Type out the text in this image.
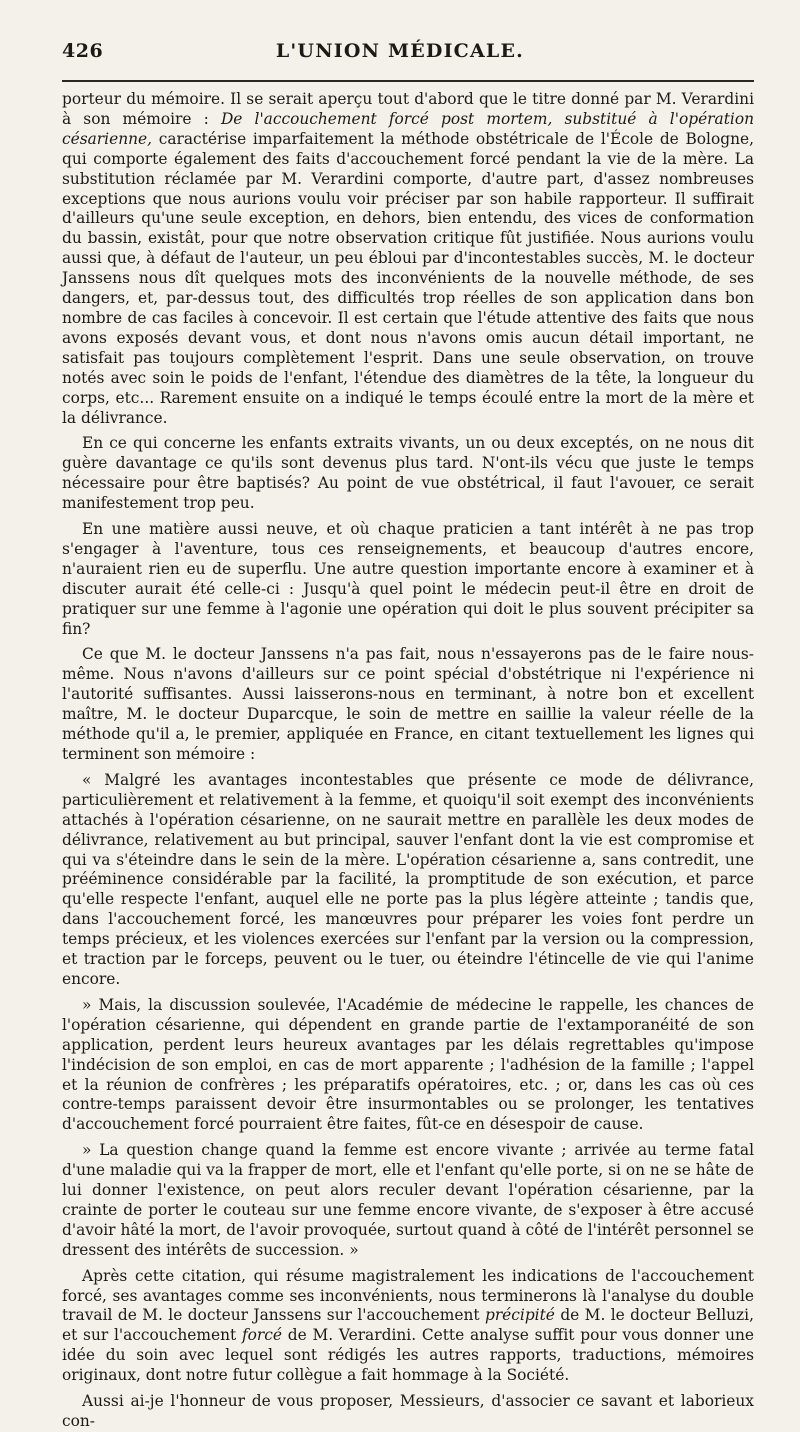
426	L'UNION MÉDICALE.

porteur du mémoire. Il se serait aperçu tout d'abord que le titre donné par M. Verardini à son mémoire : De l'accouchement forcé post mortem, substitué à l'opération césarienne, caractérise imparfaitement la méthode obstétricale de l'École de Bologne, qui comporte également des faits d'accouchement forcé pendant la vie de la mère. La substitution réclamée par M. Verardini comporte, d'autre part, d'assez nombreuses exceptions que nous aurions voulu voir préciser par son habile rapporteur. Il suffirait d'ailleurs qu'une seule exception, en dehors, bien entendu, des vices de conformation du bassin, existât, pour que notre observation critique fût justifiée. Nous aurions voulu aussi que, à défaut de l'auteur, un peu ébloui par d'incontestables succès, M. le docteur Janssens nous dît quelques mots des inconvénients de la nouvelle méthode, de ses dangers, et, par-dessus tout, des difficultés trop réelles de son application dans bon nombre de cas faciles à concevoir. Il est certain que l'étude attentive des faits que nous avons exposés devant vous, et dont nous n'avons omis aucun détail important, ne satisfait pas toujours complètement l'esprit. Dans une seule observation, on trouve notés avec soin le poids de l'enfant, l'étendue des diamètres de la tête, la longueur du corps, etc... Rarement ensuite on a indiqué le temps écoulé entre la mort de la mère et la délivrance.

En ce qui concerne les enfants extraits vivants, un ou deux exceptés, on ne nous dit guère davantage ce qu'ils sont devenus plus tard. N'ont-ils vécu que juste le temps nécessaire pour être baptisés? Au point de vue obstétrical, il faut l'avouer, ce serait manifestement trop peu.

En une matière aussi neuve, et où chaque praticien a tant intérêt à ne pas trop s'engager à l'aventure, tous ces renseignements, et beaucoup d'autres encore, n'auraient rien eu de superflu. Une autre question importante encore à examiner et à discuter aurait été celle-ci : Jusqu'à quel point le médecin peut-il être en droit de pratiquer sur une femme à l'agonie une opération qui doit le plus souvent précipiter sa fin?

Ce que M. le docteur Janssens n'a pas fait, nous n'essayerons pas de le faire nous-même. Nous n'avons d'ailleurs sur ce point spécial d'obstétrique ni l'expérience ni l'autorité suffisantes. Aussi laisserons-nous en terminant, à notre bon et excellent maître, M. le docteur Duparcque, le soin de mettre en saillie la valeur réelle de la méthode qu'il a, le premier, appliquée en France, en citant textuellement les lignes qui terminent son mémoire :

« Malgré les avantages incontestables que présente ce mode de délivrance, particulièrement et relativement à la femme, et quoiqu'il soit exempt des inconvénients attachés à l'opération césarienne, on ne saurait mettre en parallèle les deux modes de délivrance, relativement au but principal, sauver l'enfant dont la vie est compromise et qui va s'éteindre dans le sein de la mère. L'opération césarienne a, sans contredit, une prééminence considérable par la facilité, la promptitude de son exécution, et parce qu'elle respecte l'enfant, auquel elle ne porte pas la plus légère atteinte ; tandis que, dans l'accouchement forcé, les manœuvres pour préparer les voies font perdre un temps précieux, et les violences exercées sur l'enfant par la version ou la compression, et traction par le forceps, peuvent ou le tuer, ou éteindre l'étincelle de vie qui l'anime encore.

» Mais, la discussion soulevée, l'Académie de médecine le rappelle, les chances de l'opération césarienne, qui dépendent en grande partie de l'extamporanéité de son application, perdent leurs heureux avantages par les délais regrettables qu'impose l'indécision de son emploi, en cas de mort apparente ; l'adhésion de la famille ; l'appel et la réunion de confrères ; les préparatifs opératoires, etc. ; or, dans les cas où ces contre-temps paraissent devoir être insurmontables ou se prolonger, les tentatives d'accouchement forcé pourraient être faites, fût-ce en désespoir de cause.

» La question change quand la femme est encore vivante ; arrivée au terme fatal d'une maladie qui va la frapper de mort, elle et l'enfant qu'elle porte, si on ne se hâte de lui donner l'existence, on peut alors reculer devant l'opération césarienne, par la crainte de porter le couteau sur une femme encore vivante, de s'exposer à être accusé d'avoir hâté la mort, de l'avoir provoquée, surtout quand à côté de l'intérêt personnel se dressent des intérêts de succession. »

Après cette citation, qui résume magistralement les indications de l'accouchement forcé, ses avantages comme ses inconvénients, nous terminerons là l'analyse du double travail de M. le docteur Janssens sur l'accouchement précipité de M. le docteur Belluzi, et sur l'accouchement forcé de M. Verardini. Cette analyse suffit pour vous donner une idée du soin avec lequel sont rédigés les autres rapports, traductions, mémoires originaux, dont notre futur collègue a fait hommage à la Société.

Aussi ai-je l'honneur de vous proposer, Messieurs, d'associer ce savant et laborieux con-
